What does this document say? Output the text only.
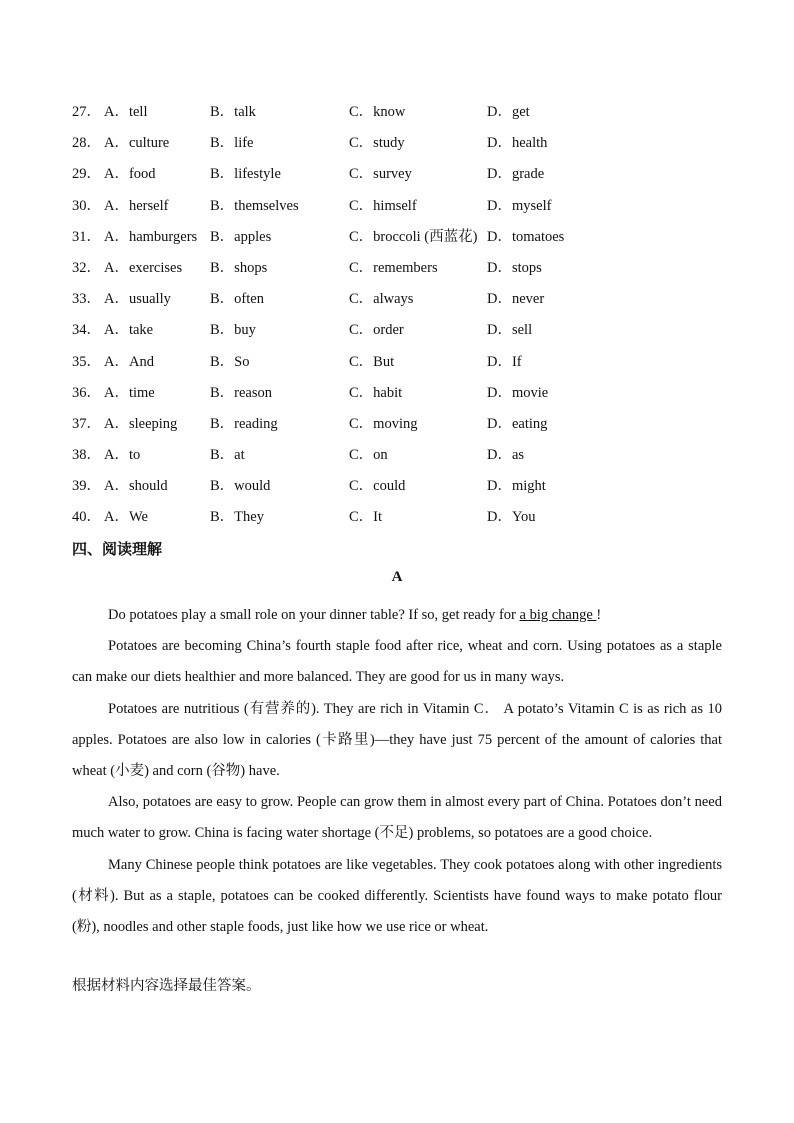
27． A．tell	B．talk	C．know	D．get
28． A．culture	B．life	C．study	D．health
29． A．food	B．lifestyle	C．survey	D．grade
30． A．herself	B．themselves	C．himself	D．myself
31． A．hamburgers B．apples	C．broccoli (西蓝花) D．tomatoes
32． A．exercises B．shops	C．remembers	D．stops
33． A．usually	B．often	C．always	D．never
34． A．take	B．buy	C．order	D．sell
35． A．And	B．So	C．But	D．If
36． A．time	B．reason	C．habit	D．movie
37． A．sleeping B．reading	C．moving	D．eating
38． A．to	B．at	C．on	D．as
39． A．should	B．would	C．could	D．might
40． A．We	B．They	C．It	D．You
四、阅读理解
A

Do potatoes play a small role on your dinner table? If so, get ready for a big change !

Potatoes are becoming China’s fourth staple food after rice, wheat and corn. Using potatoes as a staple can make our diets healthier and more balanced. They are good for us in many ways.

Potatoes are nutritious (有营养的). They are rich in Vitamin C． A potato’s Vitamin C is as rich as 10 apples. Potatoes are also low in calories (卡路里)—they have just 75 percent of the amount of calories that wheat (小麦) and corn (谷物) have.

Also, potatoes are easy to grow. People can grow them in almost every part of China. Potatoes don’t need much water to grow. China is facing water shortage (不足) problems, so potatoes are a good choice.

Many Chinese people think potatoes are like vegetables. They cook potatoes along with other ingredients (材料). But as a staple, potatoes can be cooked differently. Scientists have found ways to make potato flour (粉), noodles and other staple foods, just like how we use rice or wheat.

根据材料内容选择最佳答案。
